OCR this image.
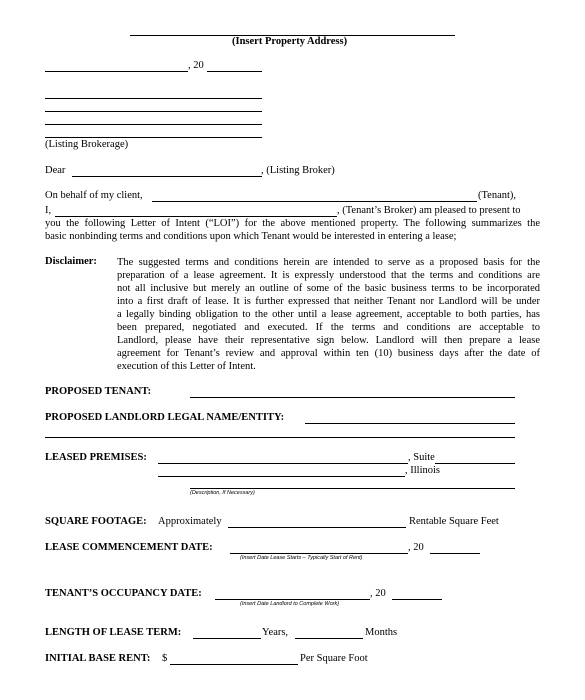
(Insert Property Address)
, 20
(Listing Brokerage)
Dear	, (Listing Broker)
On behalf of my client,	(Tenant),
I,	, (Tenant’s Broker) am pleased to present to
you the following Letter of Intent (“LOI”) for the above mentioned property. The following summarizes the
basic nonbinding terms and conditions upon which Tenant would be interested in entering a lease;
Disclaimer: The suggested terms and conditions herein are intended to serve as a proposed basis for the
preparation of a lease agreement. It is expressly understood that the terms and conditions are
not all inclusive but merely an outline of some of the basic business terms to be incorporated
into a first draft of lease. It is further expressed that neither Tenant nor Landlord will be under
a legally binding obligation to the other until a lease agreement, acceptable to both parties, has
been prepared, negotiated and executed. If the terms and conditions are acceptable to
Landlord, please have their representative sign below. Landlord will then prepare a lease
agreement for Tenant’s review and approval within ten (10) business days after the date of
execution of this Letter of Intent.
PROPOSED TENANT:
PROPOSED LANDLORD LEGAL NAME/ENTITY:
LEASED PREMISES:	, Suite
, Illinois
(Description, If Necessary)
SQUARE FOOTAGE: Approximately	Rentable Square Feet
LEASE COMMENCEMENT DATE:	, 20
(Insert Date Lease Starts – Typically Start of Rent)
TENANT’S OCCUPANCY DATE:	, 20
(Insert Date Landlord to Complete Work)
LENGTH OF LEASE TERM:	Years,	Months
INITIAL BASE RENT: $	Per Square Foot
